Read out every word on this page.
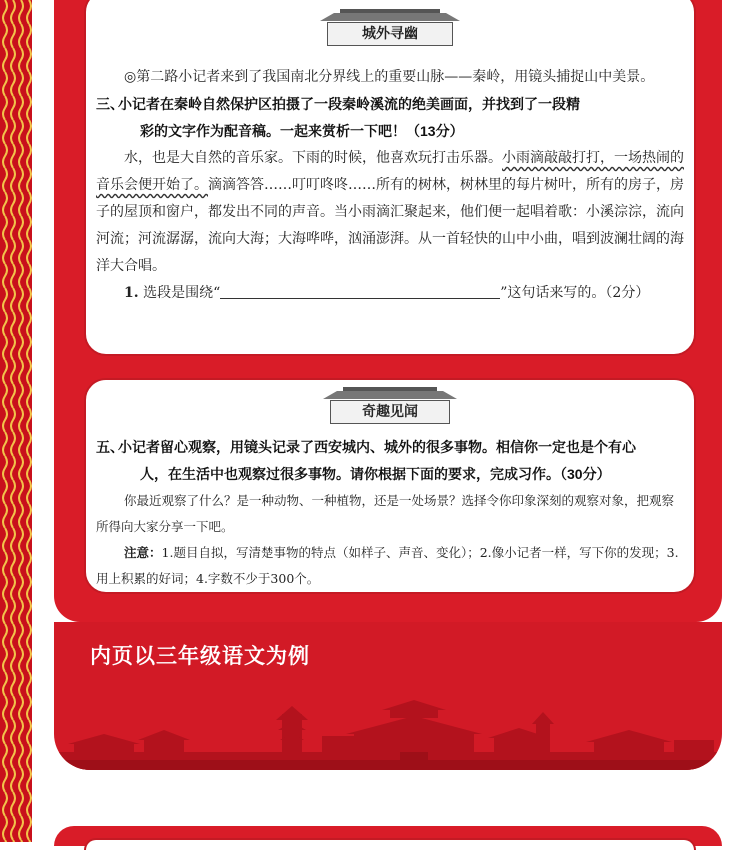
城外寻幽

◎第二路小记者来到了我国南北分界线上的重要山脉——秦岭，用镜头捕捉山中美景。

三、小记者在秦岭自然保护区拍摄了一段秦岭溪流的绝美画面，并找到了一段精
彩的文字作为配音稿。一起来赏析一下吧！（13分）

水，也是大自然的音乐家。下雨的时候，他喜欢玩打击乐器。小雨滴敲敲打打，一场热闹的音乐会便开始了。滴滴答答……叮叮咚咚……所有的树林，树林里的每片树叶，所有的房子，房子的屋顶和窗户，都发出不同的声音。当小雨滴汇聚起来，他们便一起唱着歌：小溪淙淙，流向河流；河流潺潺，流向大海；大海哗哗，汹涌澎湃。从一首轻快的山中小曲，唱到波澜壮阔的海洋大合唱。

1. 选段是围绕“	”这句话来写的。（2分）

奇趣见闻
五、小记者留心观察，用镜头记录了西安城内、城外的很多事物。相信你一定也是个有心
人，在生活中也观察过很多事物。请你根据下面的要求，完成习作。（30分）

你最近观察了什么？是一种动物、一种植物，还是一处场景？选择令你印象深刻的观察对象，把观察所得向大家分享一下吧。

注意：1.题目自拟，写清楚事物的特点（如样子、声音、变化）；2.像小记者一样，写下你的发现；3.用上积累的好词；4.字数不少于300个。

内页以三年级语文为例
